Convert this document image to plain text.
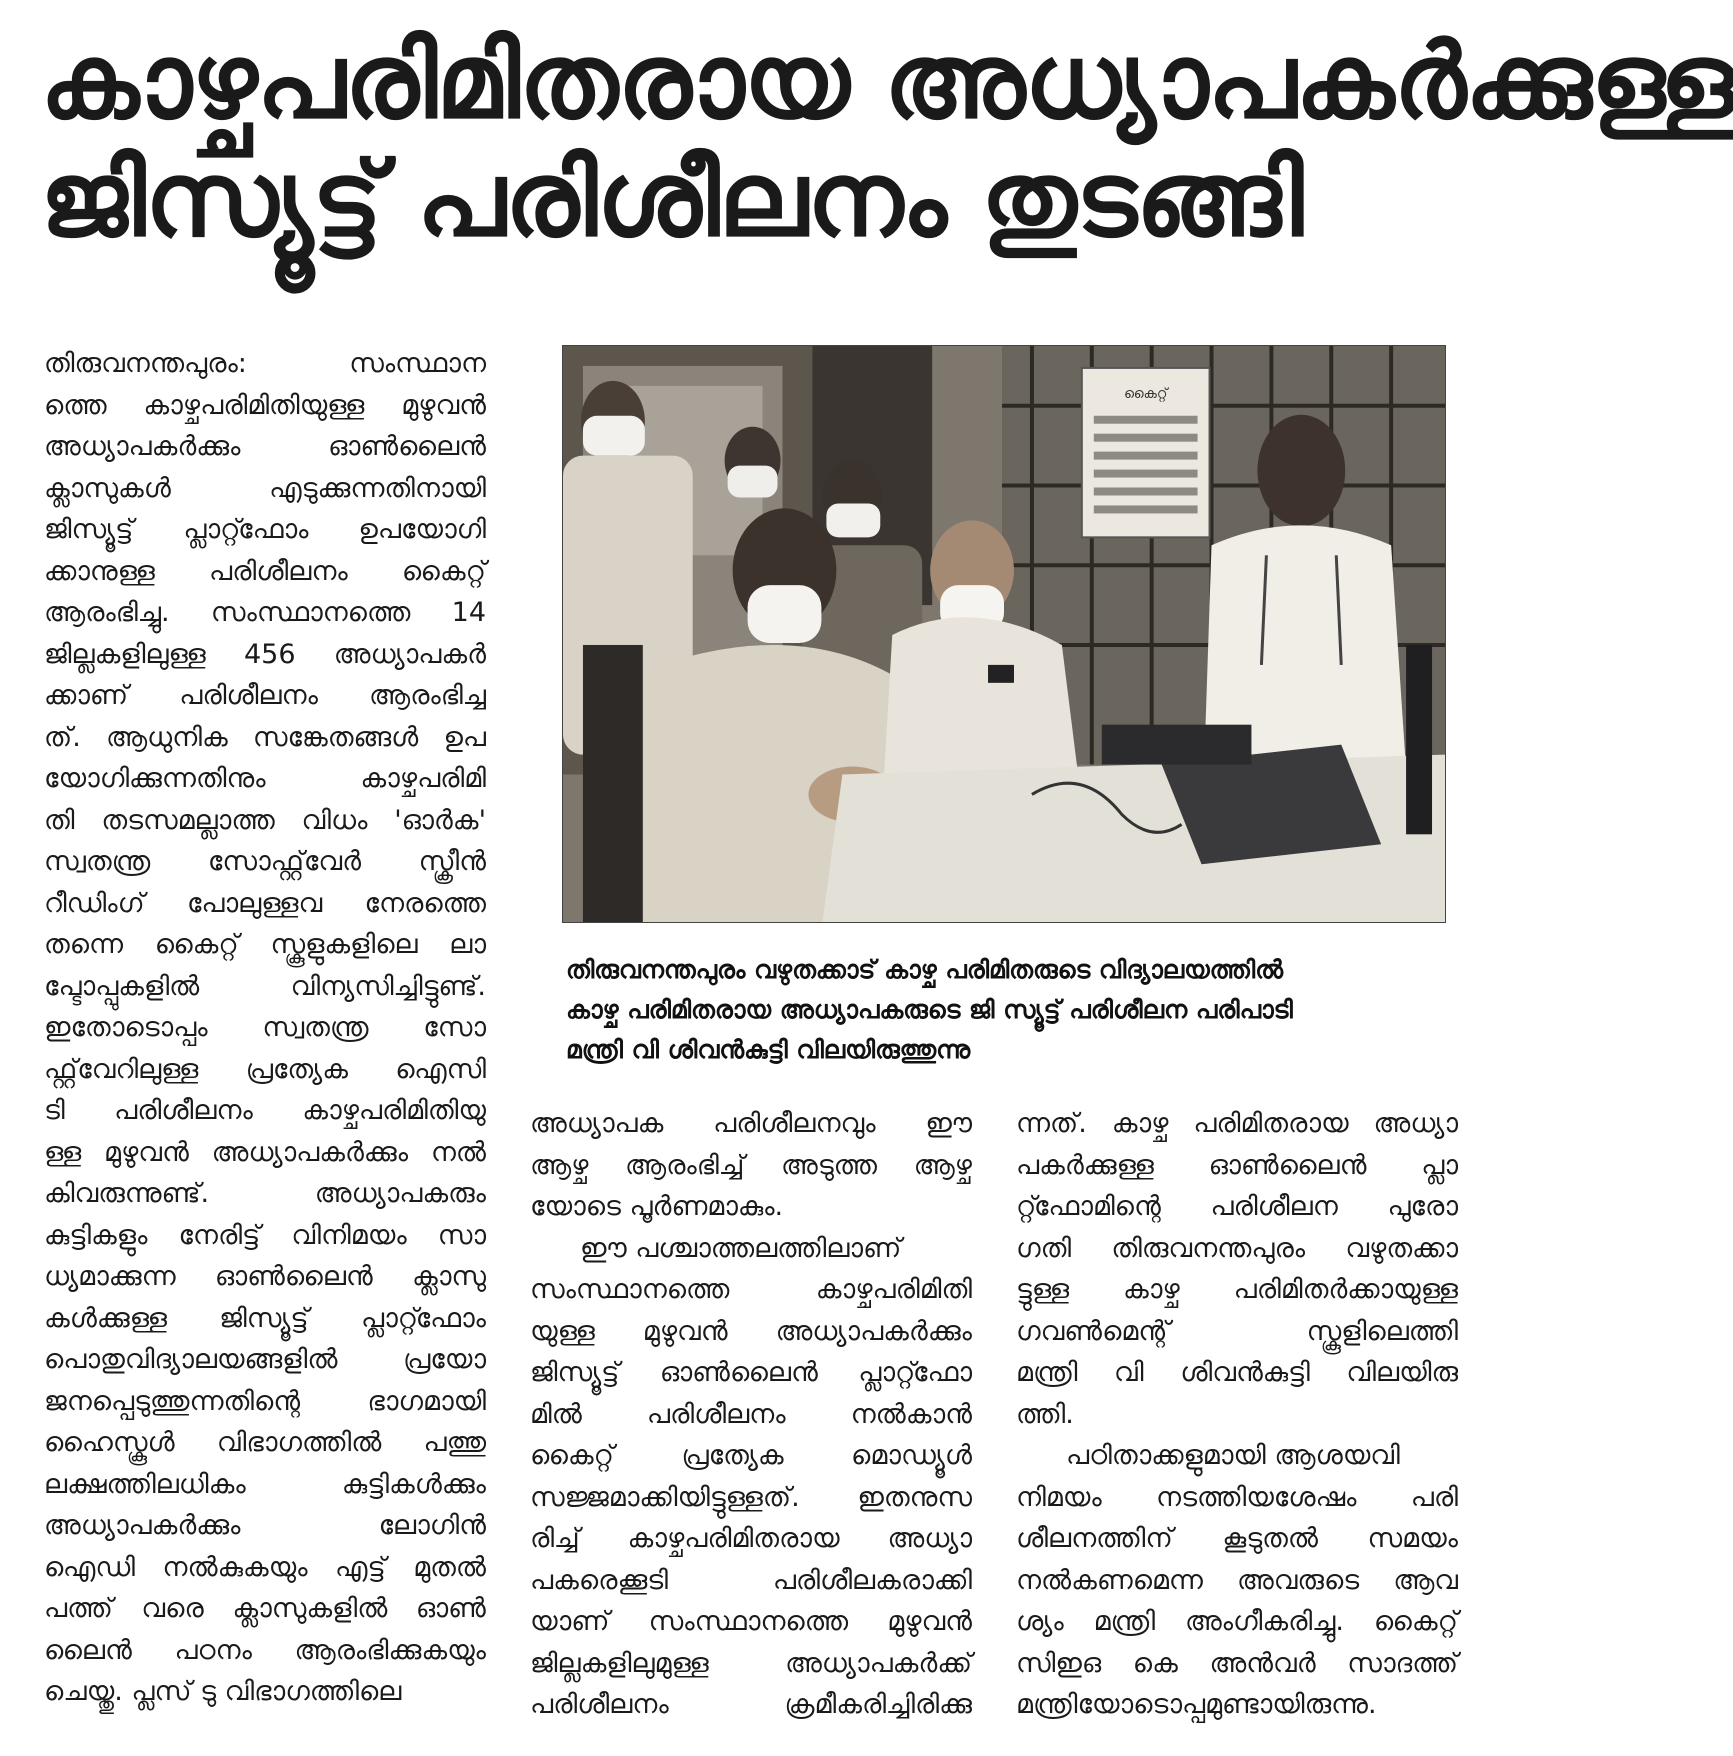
കാഴ്ചപരിമിതരായ അധ്യാപകർക്കുള്ള
ജിസ്യൂട്ട് പരിശീലനം തുടങ്ങി
തിരുവനന്തപുരം: സംസ്ഥാന
ത്തെ കാഴ്ചപരിമിതിയുള്ള മുഴുവൻ
അധ്യാപകർക്കും ഓൺലൈൻ
ക്ലാസുകൾ എടുക്കുന്നതിനായി
ജിസ്യൂട്ട് പ്ലാറ്റ്ഫോം ഉപയോഗി
ക്കാനുള്ള പരിശീലനം കൈറ്റ്
ആരംഭിച്ചു. സംസ്ഥാനത്തെ 14
ജില്ലകളിലുള്ള 456 അധ്യാപകർ
ക്കാണ് പരിശീലനം ആരംഭിച്ച
ത്. ആധുനിക സങ്കേതങ്ങൾ ഉപ
യോഗിക്കുന്നതിനും കാഴ്ചപരിമി
തി തടസമല്ലാത്ത വിധം 'ഓർക'
സ്വതന്ത്ര സോഫ്റ്റ്‌വേർ സ്ക്രീൻ
റീഡിംഗ് പോലുള്ളവ നേരത്തെ
തന്നെ കൈറ്റ് സ്കൂളുകളിലെ ലാ
പ്ടോപ്പുകളിൽ വിന്യസിച്ചിട്ടുണ്ട്.
ഇതോടൊപ്പം സ്വതന്ത്ര സോ
ഫ്റ്റ്‌വേറിലുള്ള പ്രത്യേക ഐസി
ടി പരിശീലനം കാഴ്ചപരിമിതിയു
ള്ള മുഴുവൻ അധ്യാപകർക്കും നൽ
കിവരുന്നുണ്ട്. അധ്യാപകരും
കുട്ടികളും നേരിട്ട് വിനിമയം സാ
ധ്യമാക്കുന്ന ഓൺലൈൻ ക്ലാസു
കൾക്കുള്ള ജിസ്യൂട്ട് പ്ലാറ്റ്ഫോം
പൊതുവിദ്യാലയങ്ങളിൽ പ്രയോ
ജനപ്പെടുത്തുന്നതിന്റെ ഭാഗമായി
ഹൈസ്കൂൾ വിഭാഗത്തിൽ പത്തു
ലക്ഷത്തിലധികം കുട്ടികൾക്കും
അധ്യാപകർക്കും ലോഗിൻ
ഐഡി നൽകുകയും എട്ട് മുതൽ
പത്ത് വരെ ക്ലാസുകളിൽ ഓൺ
ലൈൻ പഠനം ആരംഭിക്കുകയും
ചെയ്തു. പ്ലസ് ടു വിഭാഗത്തിലെ
കൈറ്റ്
തിരുവനന്തപുരം വഴുതക്കാട് കാഴ്ച പരിമിതരുടെ വിദ്യാലയത്തിൽ
കാഴ്ച പരിമിതരായ അധ്യാപകരുടെ ജി സ്യൂട്ട് പരിശീലന പരിപാടി
മന്ത്രി വി ശിവൻകുട്ടി വിലയിരുത്തുന്നു
അധ്യാപക പരിശീലനവും ഈ
ആഴ്ച ആരംഭിച്ച് അടുത്ത ആഴ്ച
യോടെ പൂർണമാകും.
ഈ പശ്ചാത്തലത്തിലാണ്
സംസ്ഥാനത്തെ കാഴ്ചപരിമിതി
യുള്ള മുഴുവൻ അധ്യാപകർക്കും
ജിസ്യൂട്ട് ഓൺലൈൻ പ്ലാറ്റ്ഫോ
മിൽ പരിശീലനം നൽകാൻ
കൈറ്റ് പ്രത്യേക മൊഡ്യൂൾ
സജ്ജമാക്കിയിട്ടുള്ളത്. ഇതനുസ
രിച്ച് കാഴ്ചപരിമിതരായ അധ്യാ
പകരെക്കൂടി പരിശീലകരാക്കി
യാണ് സംസ്ഥാനത്തെ മുഴുവൻ
ജില്ലകളിലുമുള്ള അധ്യാപകർക്ക്
പരിശീലനം ക്രമീകരിച്ചിരിക്കു
ന്നത്. കാഴ്ച പരിമിതരായ അധ്യാ
പകർക്കുള്ള ഓൺലൈൻ പ്ലാ
റ്റ്ഫോമിന്റെ പരിശീലന പുരോ
ഗതി തിരുവനന്തപുരം വഴുതക്കാ
ട്ടുള്ള കാഴ്ച പരിമിതർക്കായുള്ള
ഗവൺമെന്റ് സ്കൂളിലെത്തി
മന്ത്രി വി ശിവൻകുട്ടി വിലയിരു
ത്തി.
പഠിതാക്കളുമായി ആശയവി
നിമയം നടത്തിയശേഷം പരി
ശീലനത്തിന് കൂടുതൽ സമയം
നൽകണമെന്ന അവരുടെ ആവ
ശ്യം മന്ത്രി അംഗീകരിച്ചു. കൈറ്റ്
സിഇഒ കെ അൻവർ സാദത്ത്
മന്ത്രിയോടൊപ്പമുണ്ടായിരുന്നു.
